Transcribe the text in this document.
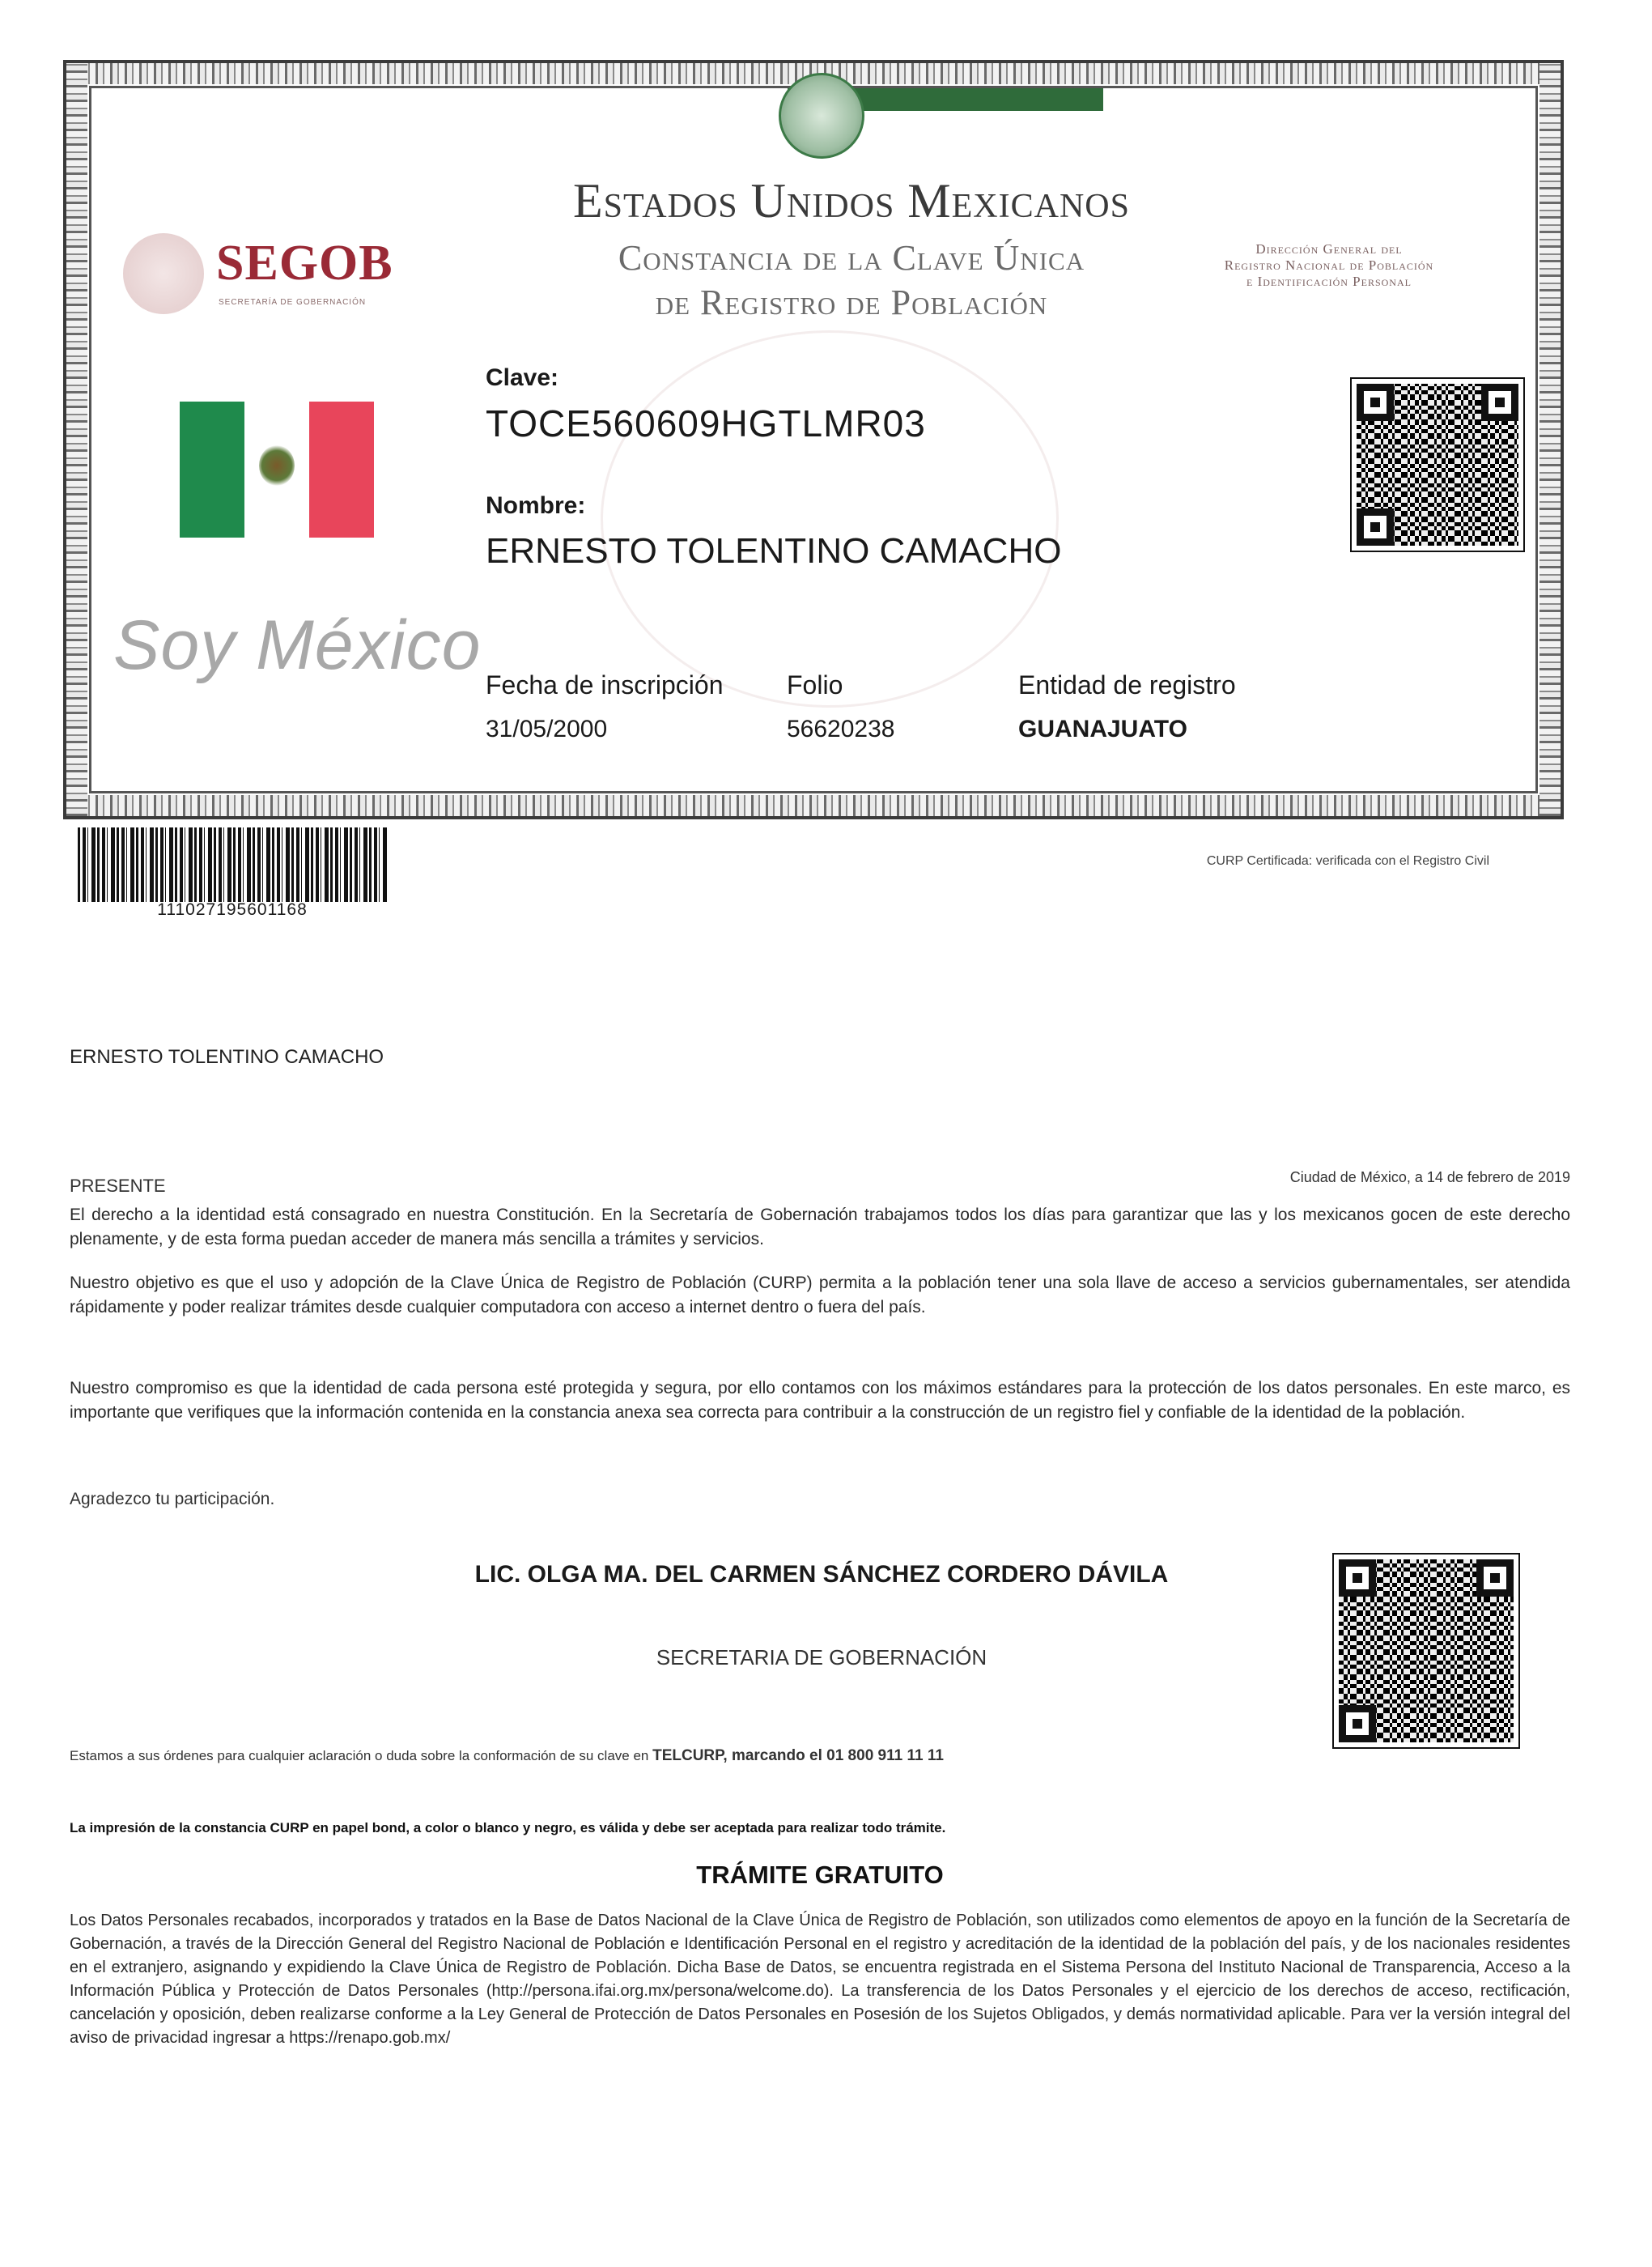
SEGOB
SECRETARÍA DE GOBERNACIÓN
Estados Unidos Mexicanos
Constancia de la Clave Única
de Registro de Población
Dirección General del
Registro Nacional de Población
e Identificación Personal
Soy México
Clave:
TOCE560609HGTLMR03
Nombre:
ERNESTO TOLENTINO CAMACHO
Fecha de inscripción
31/05/2000
Folio
56620238
Entidad de registro
GUANAJUATO
111027195601168
CURP Certificada: verificada con el Registro Civil
ERNESTO TOLENTINO CAMACHO
PRESENTE	Ciudad de México, a 14 de febrero de 2019
El derecho a la identidad está consagrado en nuestra Constitución. En la Secretaría de Gobernación trabajamos todos los días para garantizar que las y los mexicanos gocen de este derecho plenamente, y de esta forma puedan acceder de manera más sencilla a trámites y servicios.
Nuestro objetivo es que el uso y adopción de la Clave Única de Registro de Población (CURP) permita a la población tener una sola llave de acceso a servicios gubernamentales, ser atendida rápidamente y poder realizar trámites desde cualquier computadora con acceso a internet dentro o fuera del país.
Nuestro compromiso es que la identidad de cada persona esté protegida y segura, por ello contamos con los máximos estándares para la protección de los datos personales. En este marco, es importante que verifiques que la información contenida en la constancia anexa sea correcta para contribuir a la construcción de un registro fiel y confiable de la identidad de la población.
Agradezco tu participación.
LIC. OLGA MA. DEL CARMEN SÁNCHEZ CORDERO DÁVILA
SECRETARIA DE GOBERNACIÓN
Estamos a sus órdenes para cualquier aclaración o duda sobre la conformación de su clave en TELCURP, marcando el 01 800 911 11 11
La impresión de la constancia CURP en papel bond, a color o blanco y negro, es válida y debe ser aceptada para realizar todo trámite.
TRÁMITE GRATUITO
Los Datos Personales recabados, incorporados y tratados en la Base de Datos Nacional de la Clave Única de Registro de Población, son utilizados como elementos de apoyo en la función de la Secretaría de Gobernación, a través de la Dirección General del Registro Nacional de Población e Identificación Personal en el registro y acreditación de la identidad de la población del país, y de los nacionales residentes en el extranjero, asignando y expidiendo la Clave Única de Registro de Población. Dicha Base de Datos, se encuentra registrada en el Sistema Persona del Instituto Nacional de Transparencia, Acceso a la Información Pública y Protección de Datos Personales (http://persona.ifai.org.mx/persona/welcome.do). La transferencia de los Datos Personales y el ejercicio de los derechos de acceso, rectificación, cancelación y oposición, deben realizarse conforme a la Ley General de Protección de Datos Personales en Posesión de los Sujetos Obligados, y demás normatividad aplicable. Para ver la versión integral del aviso de privacidad ingresar a https://renapo.gob.mx/
